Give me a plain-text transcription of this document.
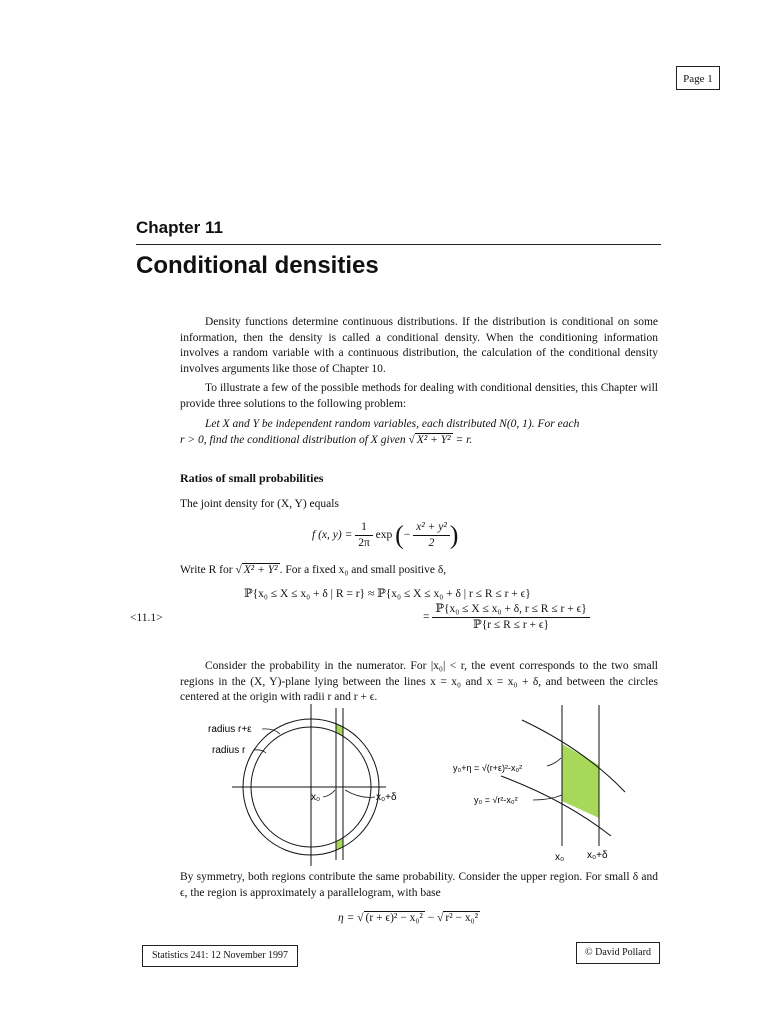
Page 1
Chapter 11
Conditional densities

Density functions determine continuous distributions. If the distribution is conditional on some information, then the density is called a conditional density. When the conditioning information involves a random variable with a continuous distribution, the calculation of the conditional density involves arguments like those of Chapter 10.

To illustrate a few of the possible methods for dealing with conditional densities, this Chapter will provide three solutions to the following problem:

Let X and Y be independent random variables, each distributed N(0, 1). For each
r > 0, find the conditional distribution of X given √ X² + Y² = r.
Ratios of small probabilities
The joint density for (X, Y) equals
f (x, $y) = \frac{1}{2\pi}$ exp (− $\frac{\text{x² + y²}}{2}$ )
Write R for √ X² + Y² . For a fixed x₀ and small positive δ,
ℙ{x₀ ≤ X ≤ x₀ + δ | R = r} ≈ ℙ{x₀ ≤ X ≤ x₀ + δ | r ≤ R ≤ r + ϵ}
= $\frac{\text{ℙ\{x₀ ≤ X ≤ x₀ + δ, r ≤ R ≤ r + ϵ\}}}{\text{ℙ\{r ≤ R ≤ r + ϵ\}}}$
<11.1>

Consider the probability in the numerator. For |x₀| < r, the event corresponds to the two small regions in the (X, Y)-plane lying between the lines x = x₀ and x = x₀ + δ, and between the circles centered at the origin with radii r and r + ϵ.

radius r+ε
radius r
x₀	x₀+δ
y₀+η = √(r+ε)²-x₀²
y₀ = √r²-x₀²
x₀ x₀+δ

By symmetry, both regions contribute the same probability. Consider the upper region. For small δ and ϵ, the region is approximately a parallelogram, with base

η = √ (r + ϵ)² − x₀² − √ r² − x₀²
Statistics 241: 12 November 1997	© David Pollard
